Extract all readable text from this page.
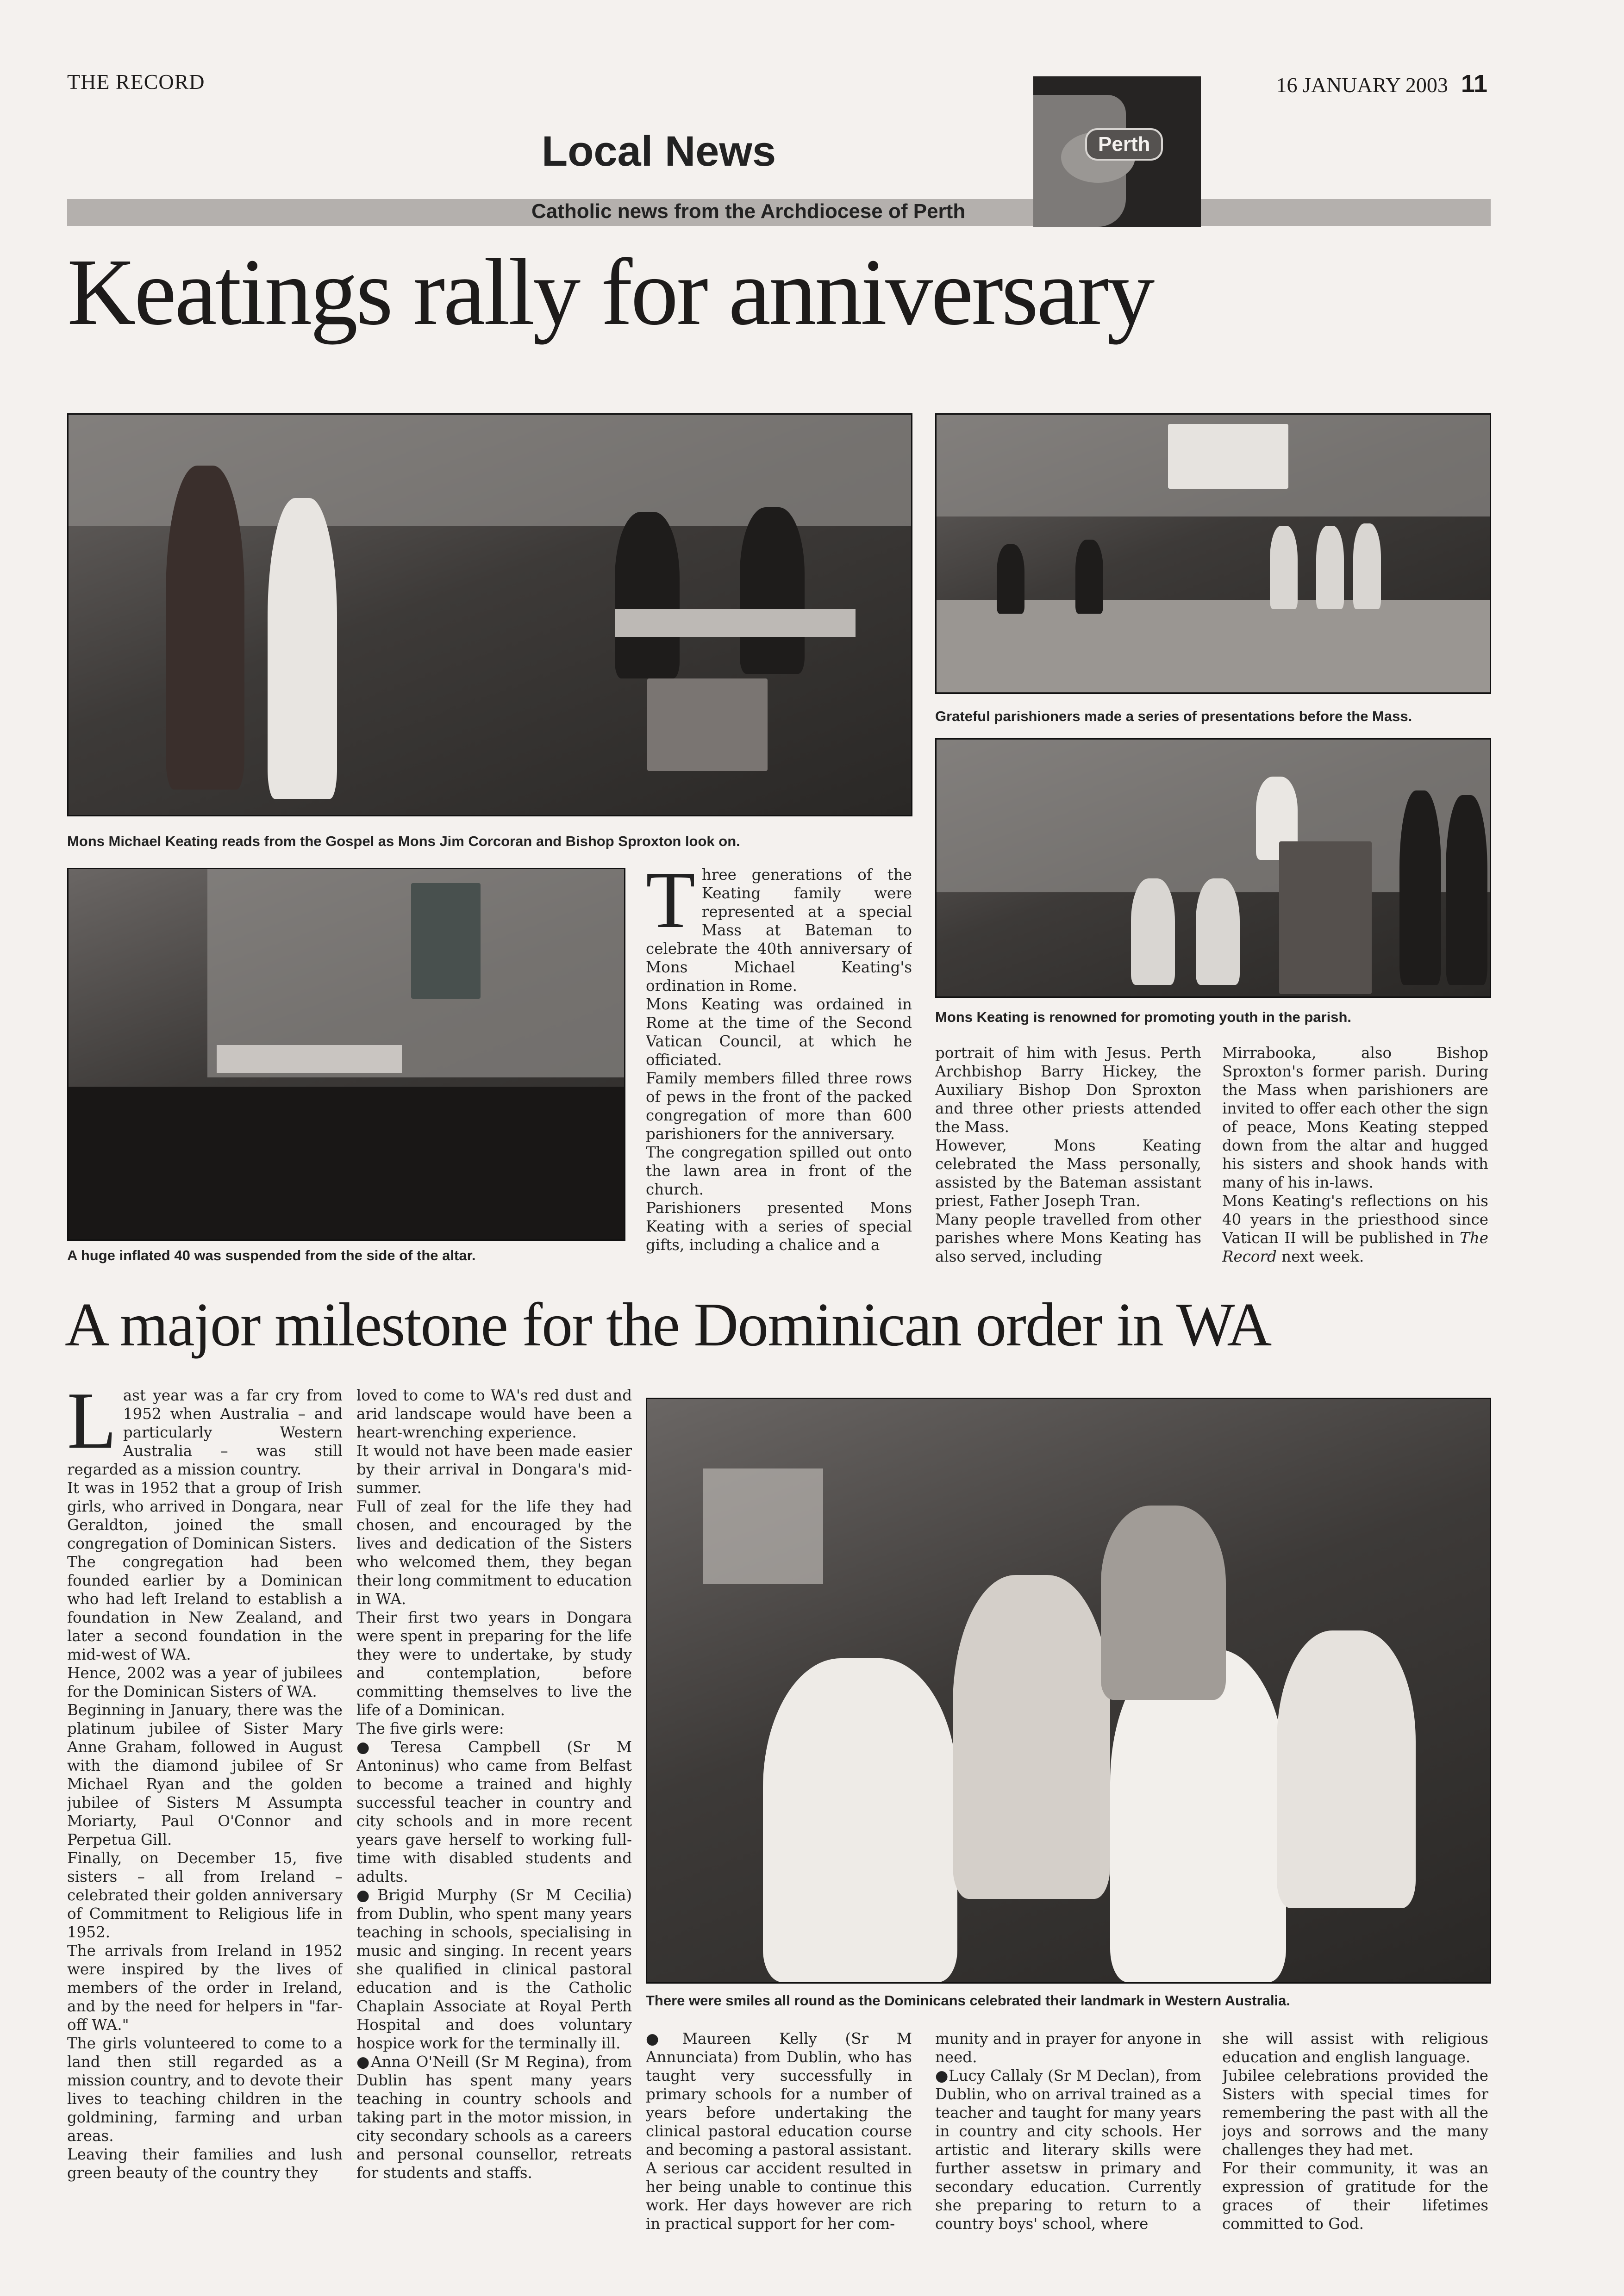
THE RECORD	16 JANUARY 2003 11
Local News
Catholic news from the Archdiocese of Perth
Perth
Keatings rally for anniversary
Mons Michael Keating reads from the Gospel as Mons Jim Corcoran and Bishop Sproxton look on.
Grateful parishioners made a series of presentations before the Mass.
Mons Keating is renowned for promoting youth in the parish.
A huge inflated 40 was suspended from the side of the altar.
T hree generations of the Keating family were represented at a special Mass at Bateman to celebrate the 40th anniversary of Mons Michael Keating's ordination in Rome.

Mons Keating was ordained in Rome at the time of the Second Vatican Council, at which he officiated.

Family members filled three rows of pews in the front of the packed congregation of more than 600 parishioners for the anniversary.

The congregation spilled out onto the lawn area in front of the church.

Parishioners presented Mons Keating with a series of special gifts, including a chalice and a

portrait of him with Jesus. Perth Archbishop Barry Hickey, the Auxiliary Bishop Don Sproxton and three other priests attended the Mass.

However, Mons Keating celebrated the Mass personally, assisted by the Bateman assistant priest, Father Joseph Tran.

Many people travelled from other parishes where Mons Keating has also served, including

Mirrabooka, also Bishop Sproxton's former parish. During the Mass when parishioners are invited to offer each other the sign of peace, Mons Keating stepped down from the altar and hugged his sisters and shook hands with many of his in-laws.

Mons Keating's reflections on his 40 years in the priesthood since Vatican II will be published in The Record next week.

A major milestone for the Dominican order in WA
There were smiles all round as the Dominicans celebrated their landmark in Western Australia.
L ast year was a far cry from 1952 when Australia – and particularly Western Australia – was still regarded as a mission country.

It was in 1952 that a group of Irish girls, who arrived in Dongara, near Geraldton, joined the small congregation of Dominican Sisters.

The congregation had been founded earlier by a Dominican who had left Ireland to establish a foundation in New Zealand, and later a second foundation in the mid-west of WA.

Hence, 2002 was a year of jubilees for the Dominican Sisters of WA.

Beginning in January, there was the platinum jubilee of Sister Mary Anne Graham, followed in August with the diamond jubilee of Sr Michael Ryan and the golden jubilee of Sisters M Assumpta Moriarty, Paul O'Connor and Perpetua Gill.

Finally, on December 15, five sisters – all from Ireland – celebrated their golden anniversary of Commitment to Religious life in 1952.

The arrivals from Ireland in 1952 were inspired by the lives of members of the order in Ireland, and by the need for helpers in "far-off WA."

The girls volunteered to come to a land then still regarded as a mission country, and to devote their lives to teaching children in the goldmining, farming and urban areas.

Leaving their families and lush green beauty of the country they

loved to come to WA's red dust and arid landscape would have been a heart-wrenching experience.

It would not have been made easier by their arrival in Dongara's mid-summer.

Full of zeal for the life they had chosen, and encouraged by the lives and dedication of the Sisters who welcomed them, they began their long commitment to education in WA.

Their first two years in Dongara were spent in preparing for the life they were to undertake, by study and contemplation, before committing themselves to live the life of a Dominican.

The five girls were:

● Teresa Campbell (Sr M Antoninus) who came from Belfast to become a trained and highly successful teacher in country and city schools and in more recent years gave herself to working full-time with disabled students and adults.

● Brigid Murphy (Sr M Cecilia) from Dublin, who spent many years teaching in schools, specialising in music and singing. In recent years she qualified in clinical pastoral education and is the Catholic Chaplain Associate at Royal Perth Hospital and does voluntary hospice work for the terminally ill.

● Anna O'Neill (Sr M Regina), from Dublin has spent many years teaching in country schools and taking part in the motor mission, in city secondary schools as a careers and personal counsellor, retreats for students and staffs.

● Maureen Kelly (Sr M Annunciata) from Dublin, who has taught very successfully in primary schools for a number of years before undertaking the clinical pastoral education course and becoming a pastoral assistant. A serious car accident resulted in her being unable to continue this work. Her days however are rich in practical support for her com-

munity and in prayer for anyone in need.

● Lucy Callaly (Sr M Declan), from Dublin, who on arrival trained as a teacher and taught for many years in country and city schools. Her artistic and literary skills were further assetsw in primary and secondary education. Currently she preparing to return to a country boys' school, where

she will assist with religious education and english language.

Jubilee celebrations provided the Sisters with special times for remembering the past with all the joys and sorrows and the many challenges they had met.

For their community, it was an expression of gratitude for the graces of their lifetimes committed to God.
